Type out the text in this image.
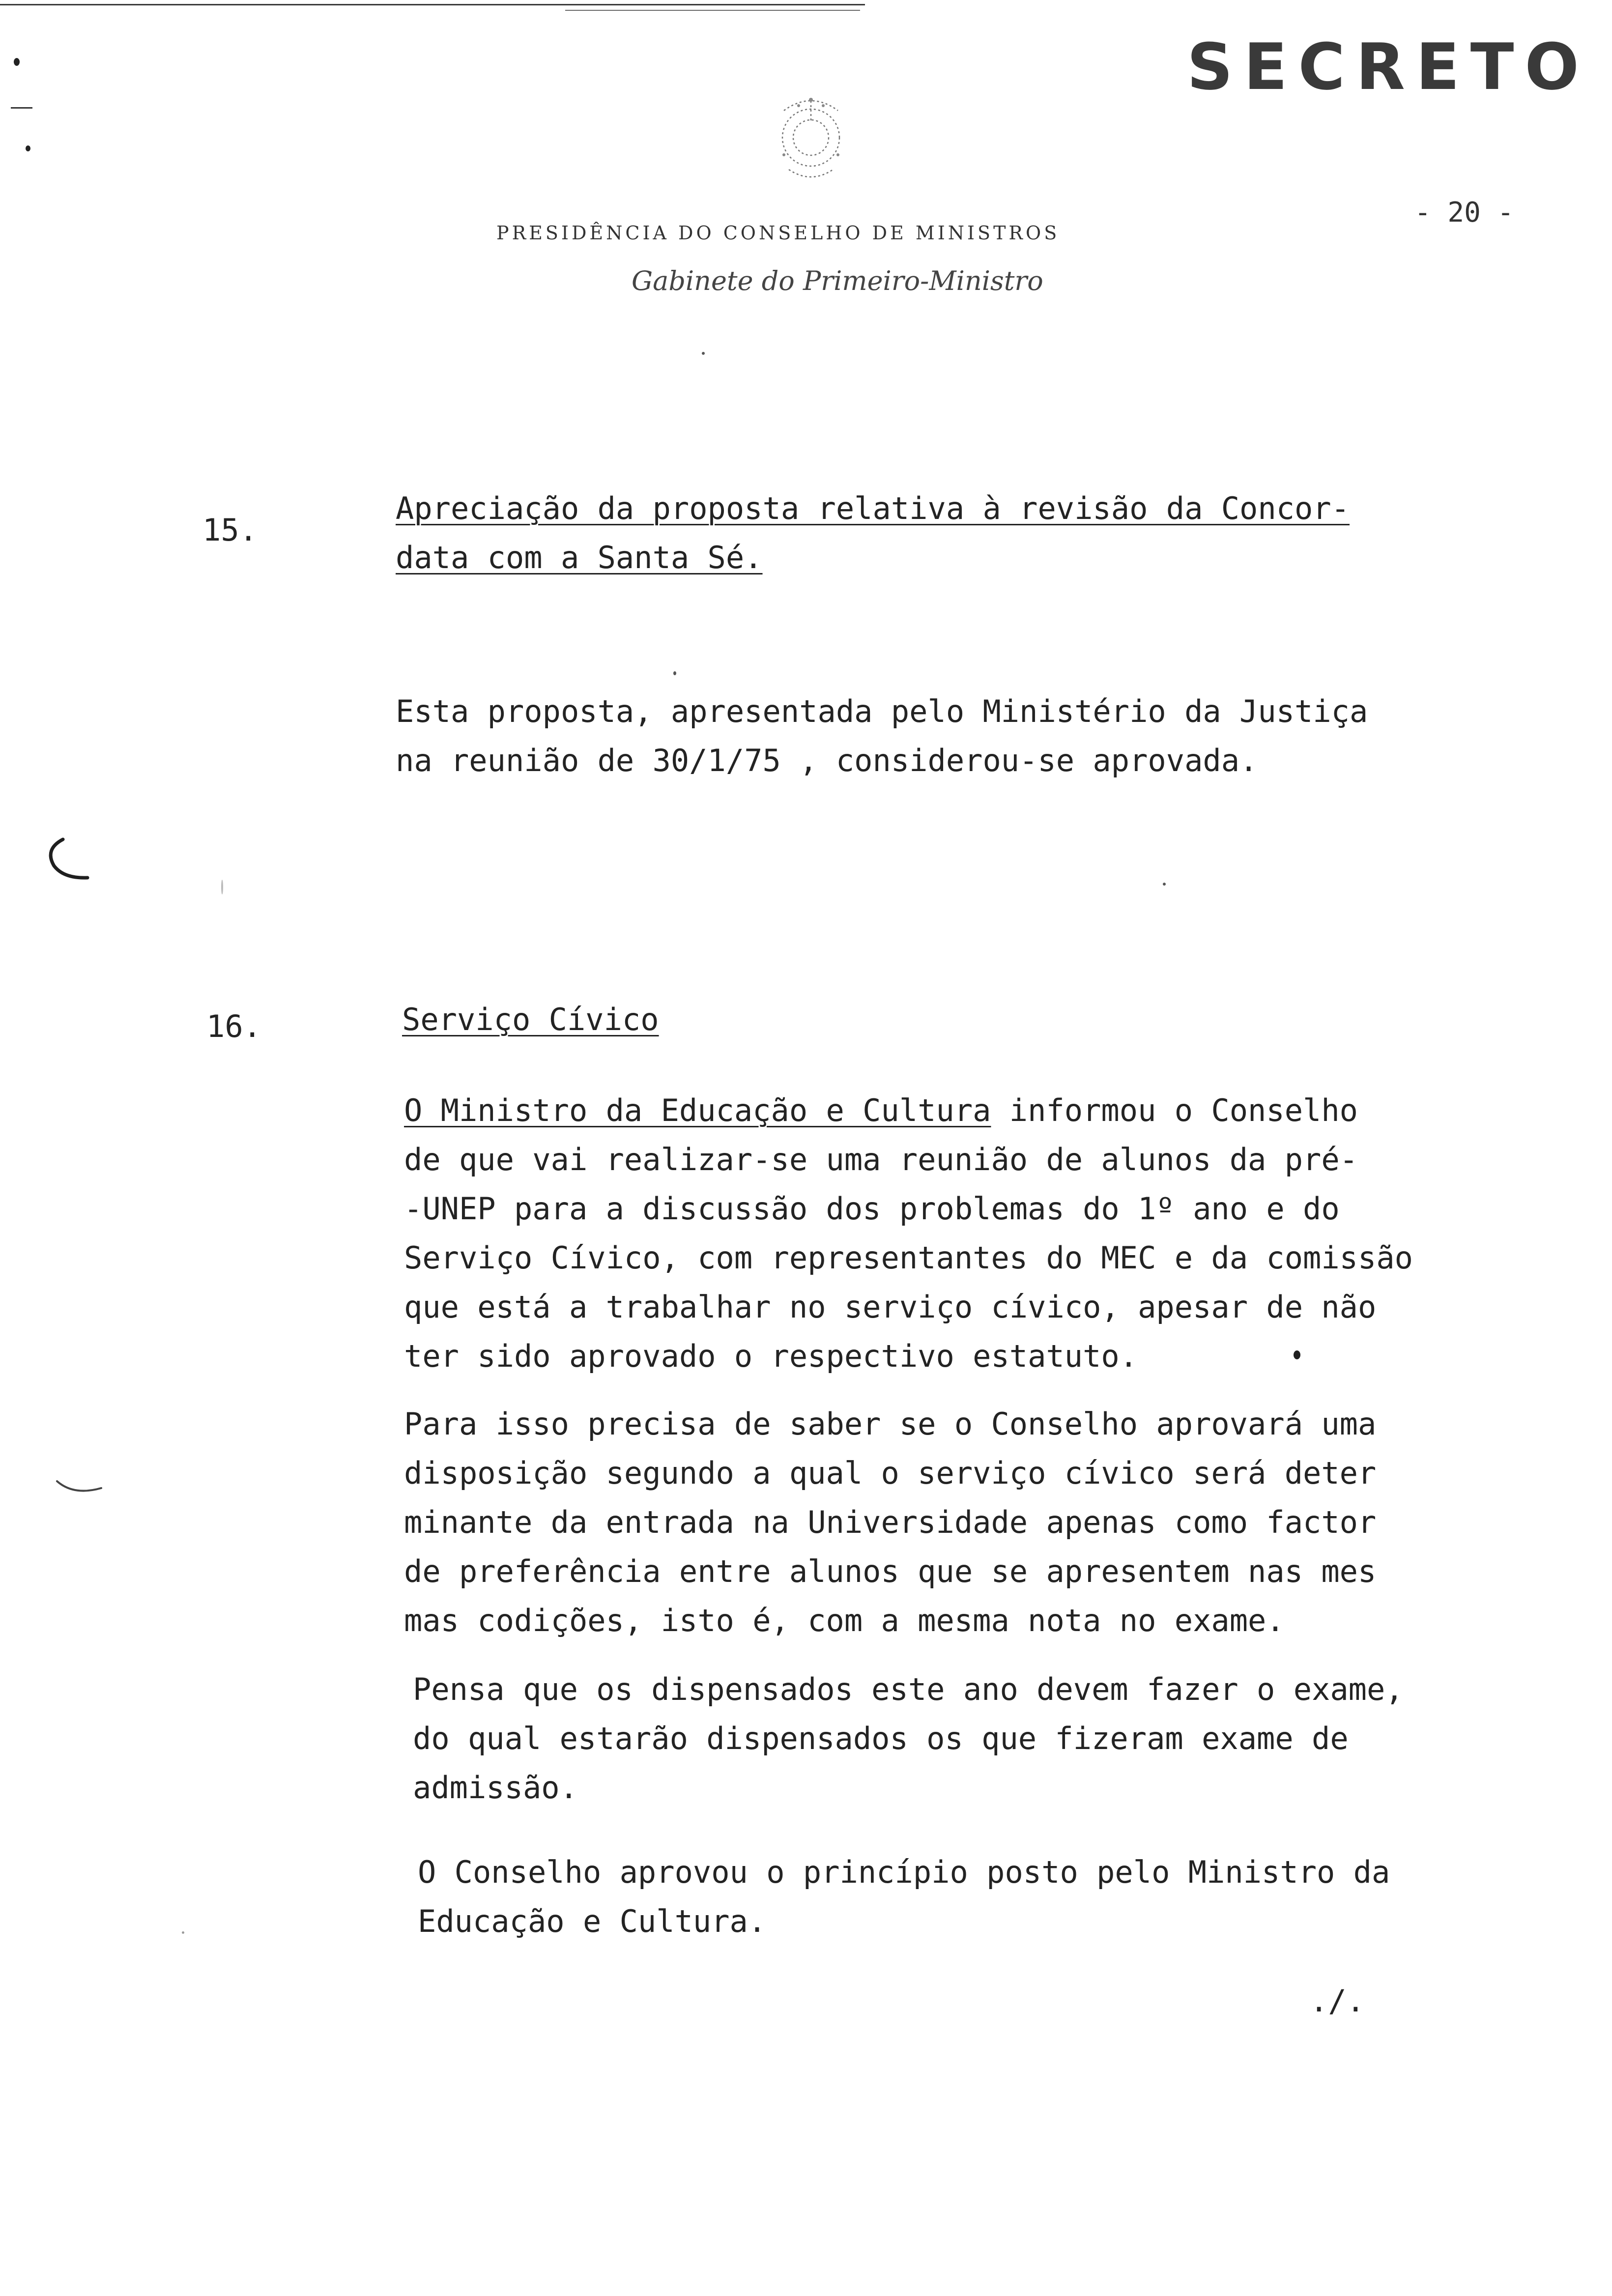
SECRETO
- 20 -
PRESIDÊNCIA DO CONSELHO DE MINISTROS
Gabinete do Primeiro-Ministro
15.
Apreciação da proposta relativa à revisão da Concor-
data com a Santa Sé.
Esta proposta, apresentada pelo Ministério da Justiça
na reunião de 30/1/75 , considerou-se aprovada.
16.	Serviço Cívico
O Ministro da Educação e Cultura informou o Conselho
de que vai realizar-se uma reunião de alunos da pré-
-UNEP para a discussão dos problemas do 1º ano e do
Serviço Cívico, com representantes do MEC e da comissão
que está a trabalhar no serviço cívico, apesar de não
ter sido aprovado o respectivo estatuto.
Para isso precisa de saber se o Conselho aprovará uma
disposição segundo a qual o serviço cívico será deter
minante da entrada na Universidade apenas como factor
de preferência entre alunos que se apresentem nas mes
mas codições, isto é, com a mesma nota no exame.
Pensa que os dispensados este ano devem fazer o exame,
do qual estarão dispensados os que fizeram exame de
admissão.
O Conselho aprovou o princípio posto pelo Ministro da
Educação e Cultura.
./.
